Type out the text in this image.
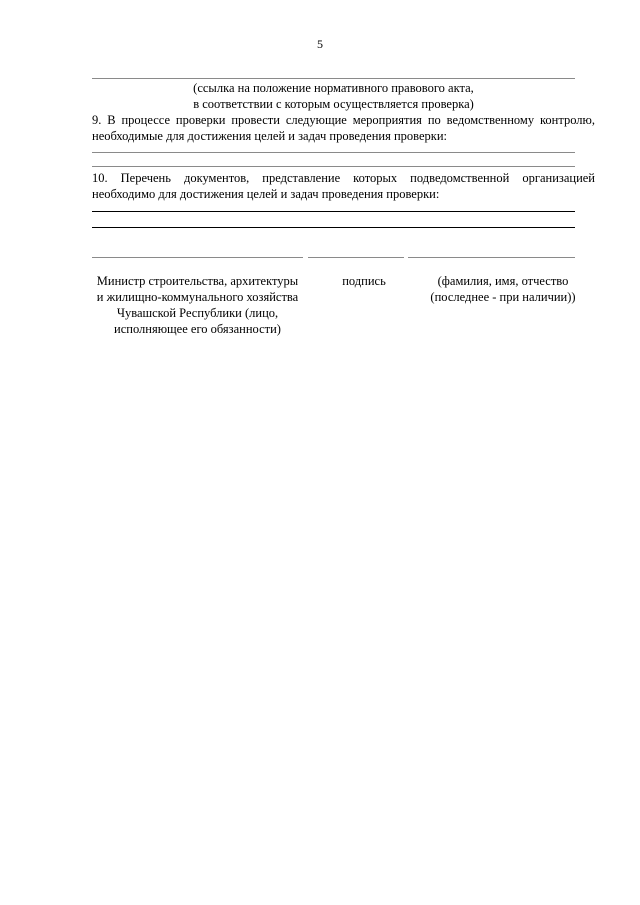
5
(ссылка на положение нормативного правового акта,
в соответствии с которым осуществляется проверка)
9. В процессе проверки провести следующие мероприятия по ведомственному контролю,
необходимые для достижения целей и задач проведения проверки:
10. Перечень документов, представление которых подведомственной организацией
необходимо для достижения целей и задач проведения проверки:
Министр строительства, архитектуры
и жилищно-коммунального хозяйства
Чувашской Республики (лицо,
исполняющее его обязанности)
подпись	(фамилия, имя, отчество
(последнее - при наличии))
